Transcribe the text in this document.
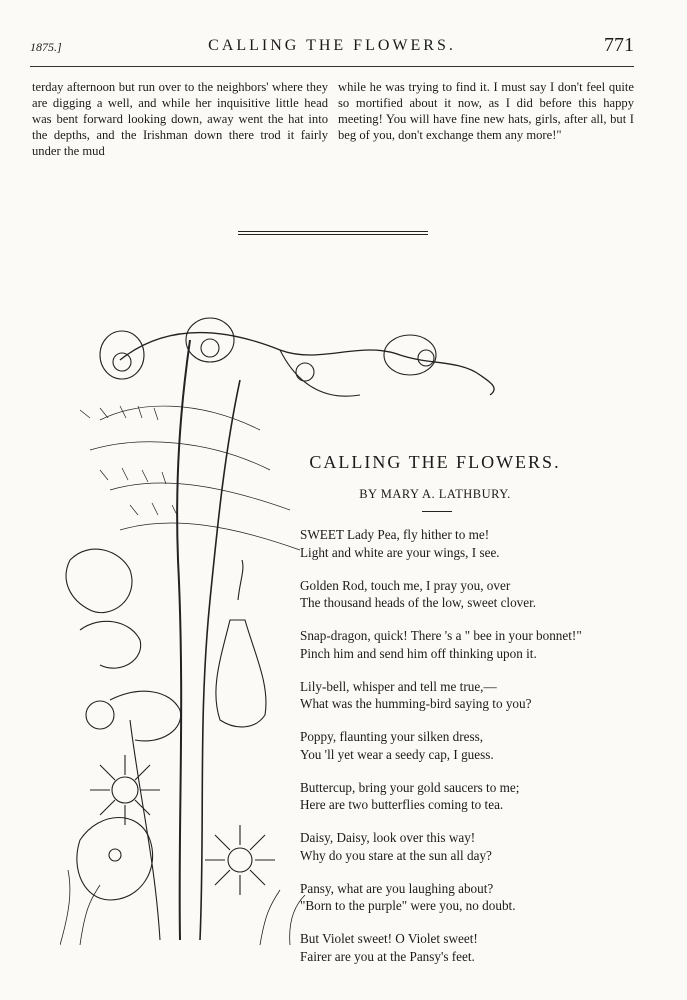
1875.]	CALLING THE FLOWERS.	771
terday afternoon but run over to the neighbors' where they are digging a well, and while her inquisitive little head was bent forward looking down, away went the hat into the depths, and the Irishman down there trod it fairly under the mud
while he was trying to find it. I must say I don't feel quite so mortified about it now, as I did before this happy meeting! You will have fine new hats, girls, after all, but I beg of you, don't exchange them any more!"
CALLING THE FLOWERS.
BY MARY A. LATHBURY.
SWEET Lady Pea, fly hither to me!
Light and white are your wings, I see.
Golden Rod, touch me, I pray you, over
The thousand heads of the low, sweet clover.
Snap-dragon, quick! There 's a " bee in your bonnet!"
Pinch him and send him off thinking upon it.
Lily-bell, whisper and tell me true,—
What was the humming-bird saying to you?
Poppy, flaunting your silken dress,
You 'll yet wear a seedy cap, I guess.
Buttercup, bring your gold saucers to me;
Here are two butterflies coming to tea.
Daisy, Daisy, look over this way!
Why do you stare at the sun all day?
Pansy, what are you laughing about?
"Born to the purple" were you, no doubt.
But Violet sweet! O Violet sweet!
Fairer are you at the Pansy's feet.
